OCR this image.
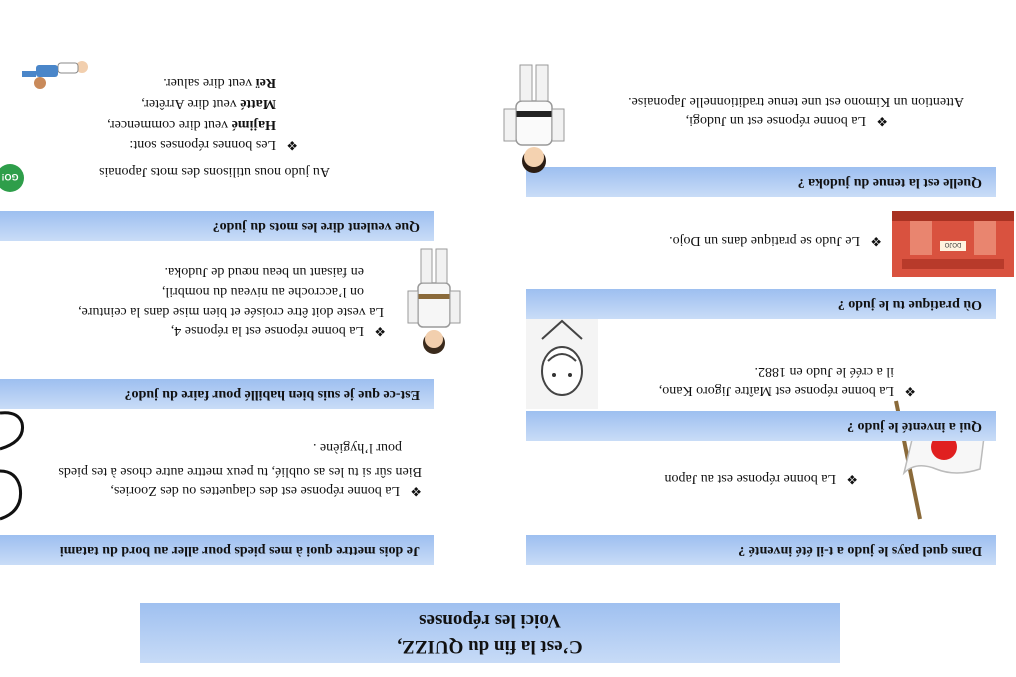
C’est la fin du QUIZZ,
Voici les réponses
Dans quel pays le judo a t-il été inventé ?
❖La bonne réponse est au Japon
Qui a inventé le judo ?
❖La bonne réponse est Maître Jigoro Kano,
il a créé le Judo en 1882.
Où pratique tu le judo ?
DOJO
❖Le Judo se pratique dans un Dojo.
Quelle est la tenue du judoka ?
❖La bonne réponse est un Judogi,
Attention un Kimono est une tenue traditionnelle Japonaise.
Je dois mettre quoi à mes pieds pour aller au bord du tatami
❖La bonne réponse est des claquettes ou des Zoories,
Bien sûr si tu les as oublié, tu peux mettre autre chose à tes pieds
pour l’hygiène .
Est-ce que je suis bien habillé pour faire du judo?
❖La bonne réponse est la réponse 4,
La veste doit être croisée et bien mise dans la ceinture,
on l’accroche au niveau du nombril,
en faisant un beau nœud de Judoka.
Que veulent dire les mots du judo?
Au judo nous utilisons des mots Japonais
❖Les bonnes réponses sont:
Hajimé veut dire commencer,
Matté veut dire Arrêter,
Reï veut dire saluer.
GO!
